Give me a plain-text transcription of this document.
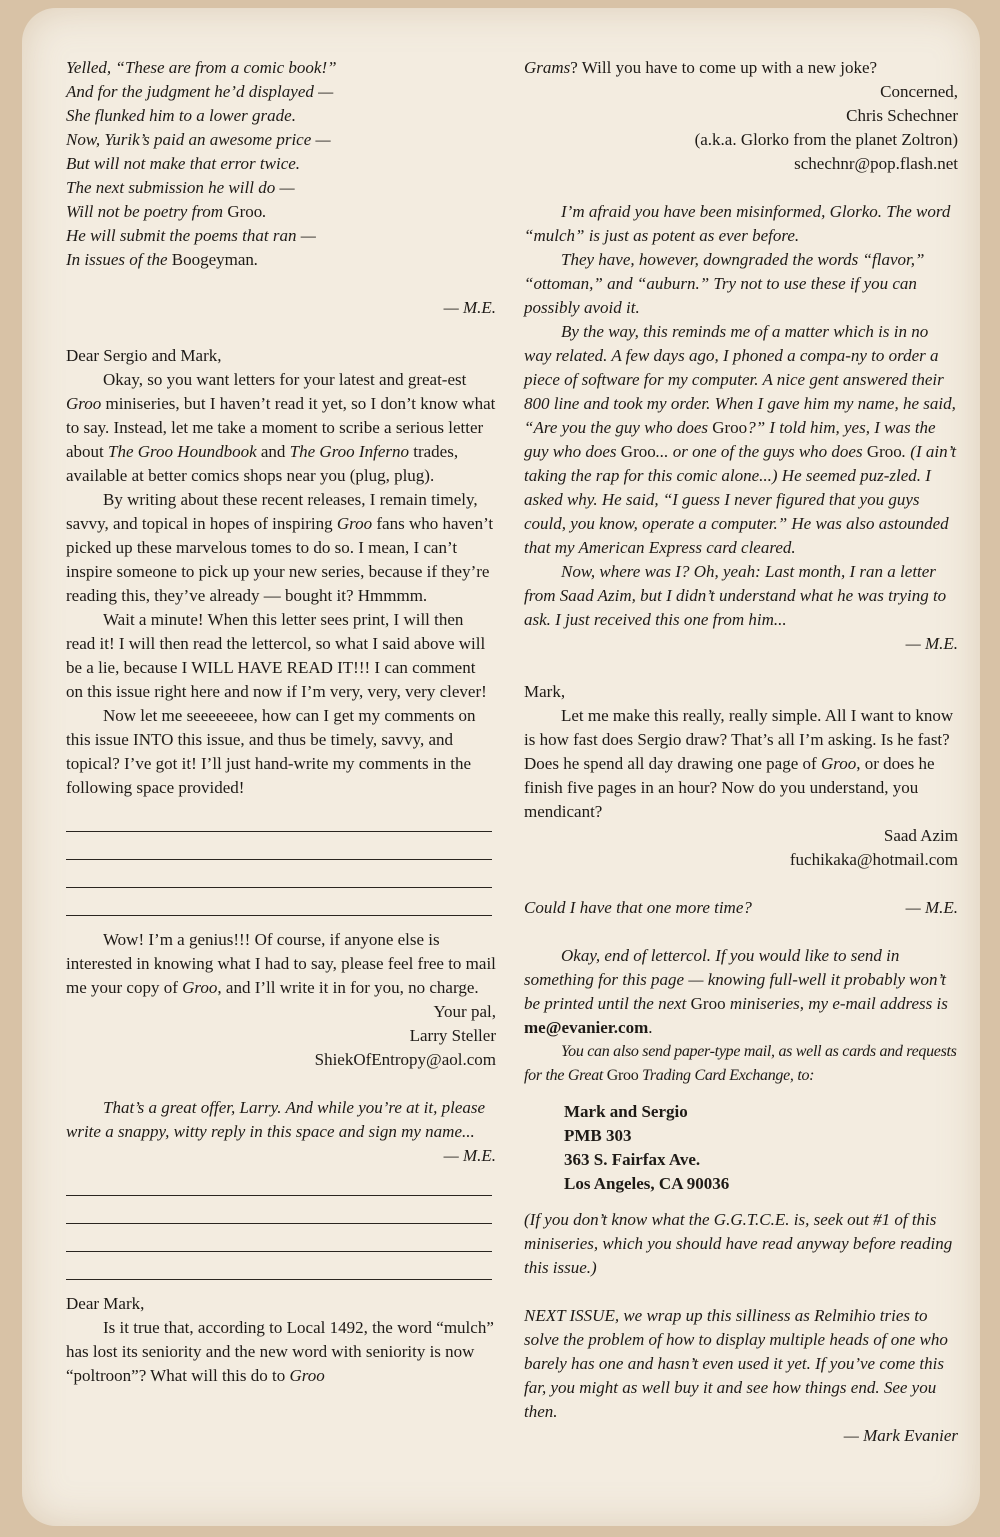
Yelled, “These are from a comic book!”

And for the judgment he’d displayed —

She flunked him to a lower grade.

Now, Yurik’s paid an awesome price —

But will not make that error twice.

The next submission he will do —

Will not be poetry from Groo.

He will submit the poems that ran —

In issues of the Boogeyman.

— M.E.

Dear Sergio and Mark,

Okay, so you want letters for your latest and great-est Groo miniseries, but I haven’t read it yet, so I don’t know what to say. Instead, let me take a moment to scribe a serious letter about The Groo Houndbook and The Groo Inferno trades, available at better comics shops near you (plug, plug).

By writing about these recent releases, I remain timely, savvy, and topical in hopes of inspiring Groo fans who haven’t picked up these marvelous tomes to do so. I mean, I can’t inspire someone to pick up your new series, because if they’re reading this, they’ve already — bought it? Hmmmm.

Wait a minute! When this letter sees print, I will then read it! I will then read the lettercol, so what I said above will be a lie, because I WILL HAVE READ IT!!! I can comment on this issue right here and now if I’m very, very, very clever!

Now let me seeeeeeee, how can I get my comments on this issue INTO this issue, and thus be timely, savvy, and topical? I’ve got it! I’ll just hand-write my comments in the following space provided!

Wow! I’m a genius!!! Of course, if anyone else is interested in knowing what I had to say, please feel free to mail me your copy of Groo, and I’ll write it in for you, no charge.

Your pal,

Larry Steller

ShiekOfEntropy@aol.com

That’s a great offer, Larry. And while you’re at it, please write a snappy, witty reply in this space and sign my name...

— M.E.

Dear Mark,

Is it true that, according to Local 1492, the word “mulch” has lost its seniority and the new word with seniority is now “poltroon”? What will this do to Groo

Grams? Will you have to come up with a new joke?

Concerned,

Chris Schechner

(a.k.a. Glorko from the planet Zoltron)

schechnr@pop.flash.net

I’m afraid you have been misinformed, Glorko. The word “mulch” is just as potent as ever before.

They have, however, downgraded the words “flavor,” “ottoman,” and “auburn.” Try not to use these if you can possibly avoid it.

By the way, this reminds me of a matter which is in no way related. A few days ago, I phoned a compa-ny to order a piece of software for my computer. A nice gent answered their 800 line and took my order. When I gave him my name, he said, “Are you the guy who does Groo?” I told him, yes, I was the guy who does Groo... or one of the guys who does Groo. (I ain’t taking the rap for this comic alone...) He seemed puz-zled. I asked why. He said, “I guess I never figured that you guys could, you know, operate a computer.” He was also astounded that my American Express card cleared.

Now, where was I? Oh, yeah: Last month, I ran a letter from Saad Azim, but I didn’t understand what he was trying to ask. I just received this one from him...

— M.E.

Mark,

Let me make this really, really simple. All I want to know is how fast does Sergio draw? That’s all I’m asking. Is he fast? Does he spend all day drawing one page of Groo, or does he finish five pages in an hour? Now do you understand, you mendicant?

Saad Azim

fuchikaka@hotmail.com

Could I have that one more time?	— M.E.

Okay, end of lettercol. If you would like to send in something for this page — knowing full-well it probably won’t be printed until the next Groo miniseries, my e-mail address is me@evanier.com.

You can also send paper-type mail, as well as cards and requests for the Great Groo Trading Card Exchange, to:

Mark and Sergio

PMB 303

363 S. Fairfax Ave.

Los Angeles, CA 90036

(If you don’t know what the G.G.T.C.E. is, seek out #1 of this miniseries, which you should have read anyway before reading this issue.)

NEXT ISSUE, we wrap up this silliness as Relmihio tries to solve the problem of how to display multiple heads of one who barely has one and hasn’t even used it yet. If you’ve come this far, you might as well buy it and see how things end. See you then.

— Mark Evanier
